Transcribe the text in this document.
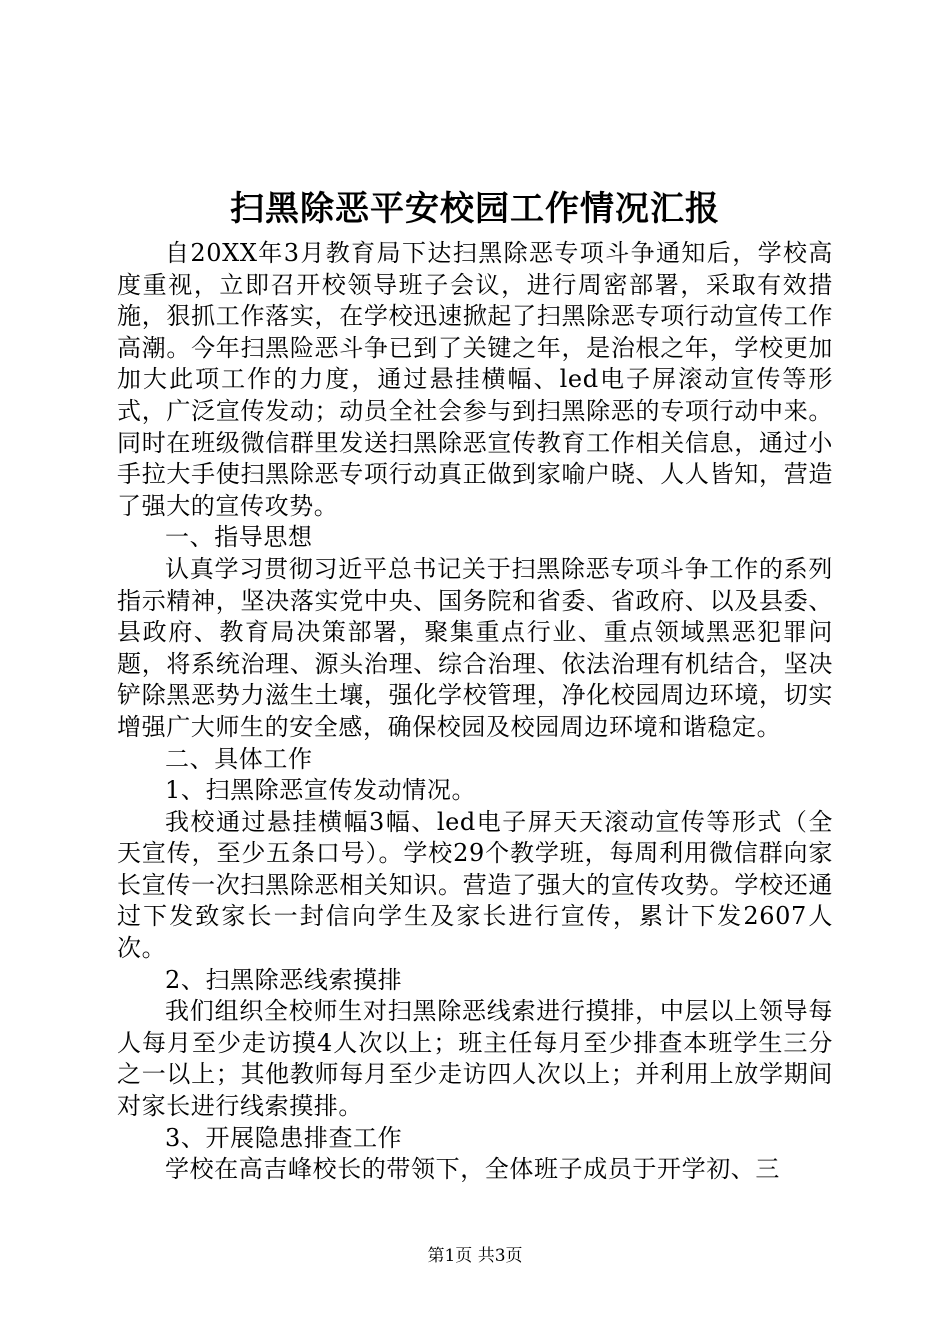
扫黑除恶平安校园工作情况汇报

自20XX年3月教育局下达扫黑除恶专项斗争通知后，学校高度重视，立即召开校领导班子会议，进行周密部署，采取有效措施，狠抓工作落实，在学校迅速掀起了扫黑除恶专项行动宣传工作高潮。今年扫黑险恶斗争已到了关键之年，是治根之年，学校更加加大此项工作的力度，通过悬挂横幅、led电子屏滚动宣传等形式，广泛宣传发动；动员全社会参与到扫黑除恶的专项行动中来。同时在班级微信群里发送扫黑除恶宣传教育工作相关信息，通过小手拉大手使扫黑除恶专项行动真正做到家喻户晓、人人皆知，营造了强大的宣传攻势。

一、指导思想

认真学习贯彻习近平总书记关于扫黑除恶专项斗争工作的系列指示精神，坚决落实党中央、国务院和省委、省政府、以及县委、县政府、教育局决策部署，聚集重点行业、重点领域黑恶犯罪问题，将系统治理、源头治理、综合治理、依法治理有机结合，坚决铲除黑恶势力滋生土壤，强化学校管理，净化校园周边环境，切实增强广大师生的安全感，确保校园及校园周边环境和谐稳定。

二、具体工作

1、扫黑除恶宣传发动情况。

我校通过悬挂横幅3幅、led电子屏天天滚动宣传等形式（全天宣传，至少五条口号）。学校29个教学班，每周利用微信群向家长宣传一次扫黑除恶相关知识。营造了强大的宣传攻势。学校还通过下发致家长一封信向学生及家长进行宣传，累计下发2607人次。

2、扫黑除恶线索摸排

我们组织全校师生对扫黑除恶线索进行摸排，中层以上领导每人每月至少走访摸4人次以上；班主任每月至少排查本班学生三分之一以上；其他教师每月至少走访四人次以上；并利用上放学期间对家长进行线索摸排。

3、开展隐患排查工作

学校在高吉峰校长的带领下，全体班子成员于开学初、三

第1页 共3页
